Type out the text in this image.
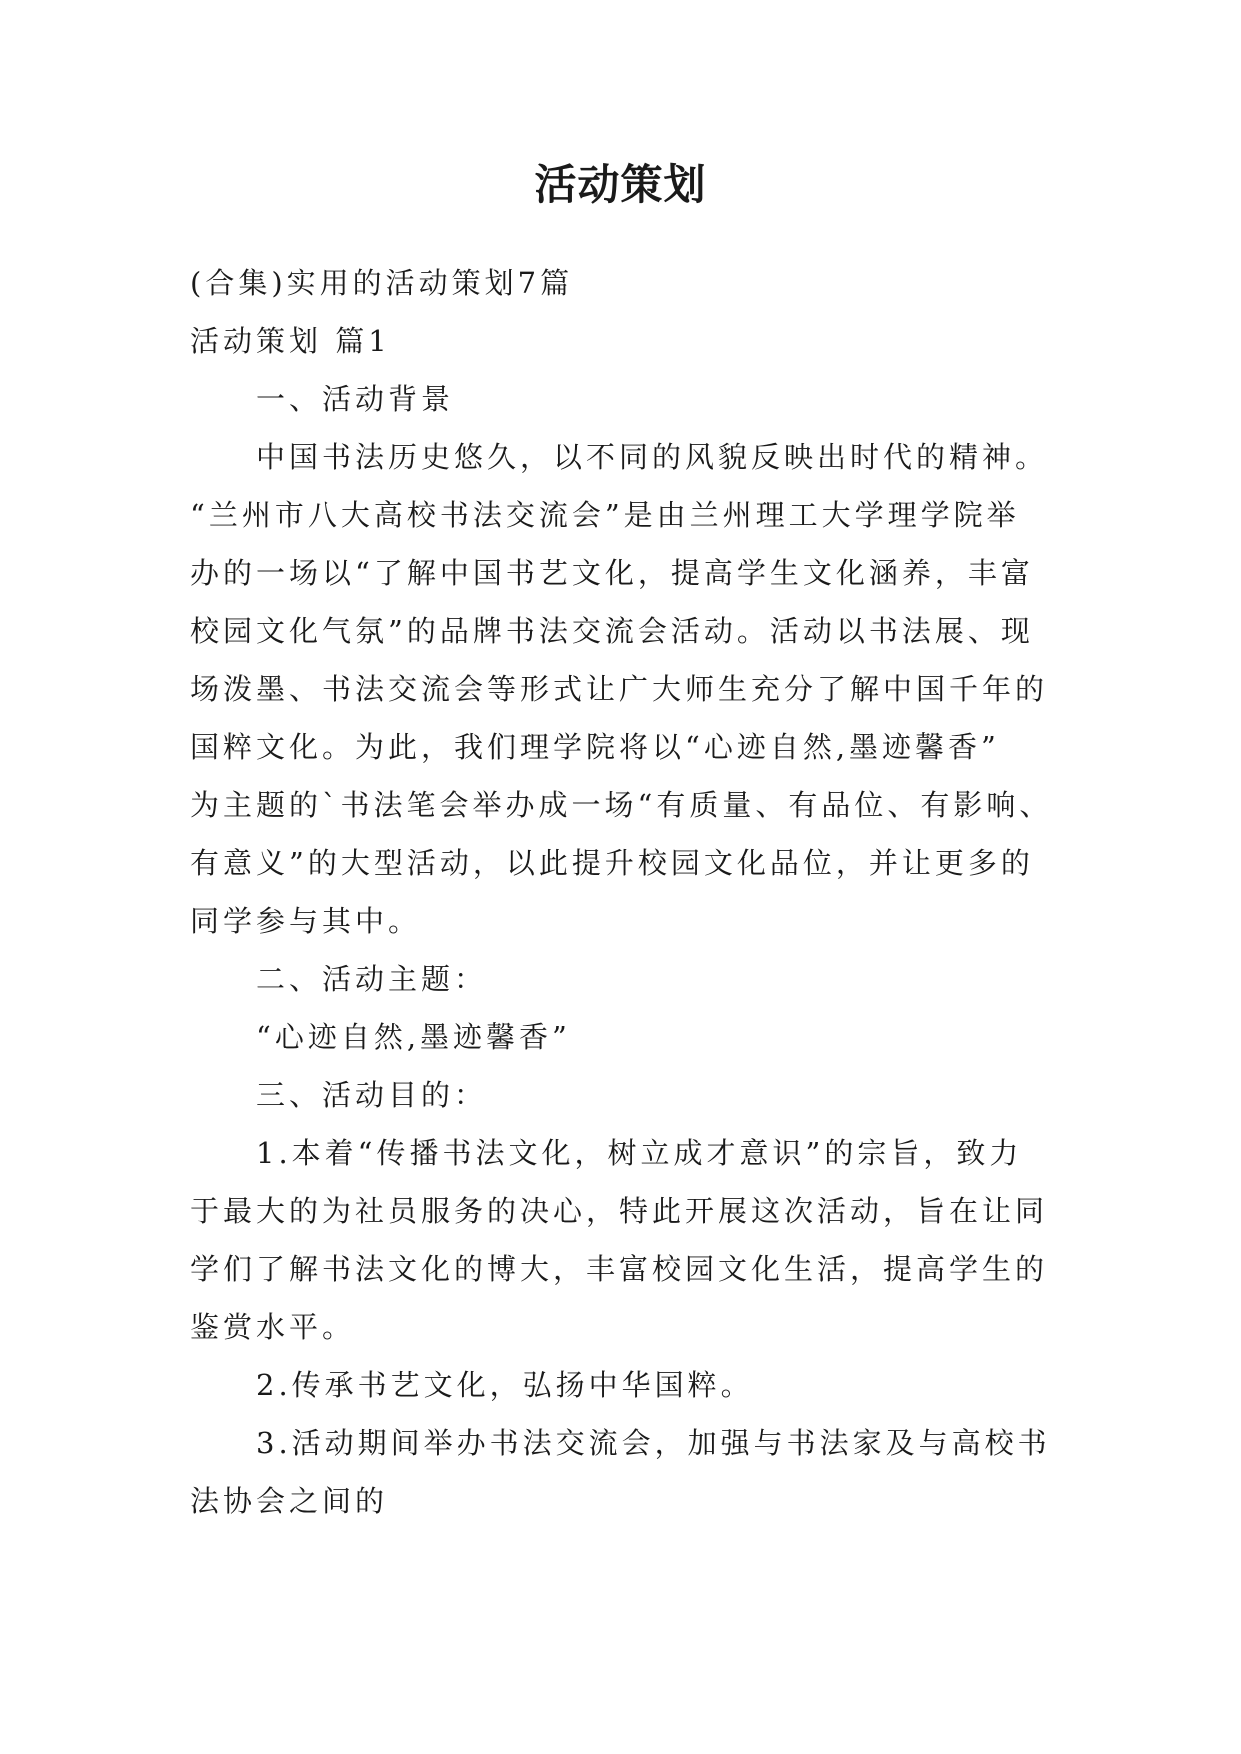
活动策划
(合集)实用的活动策划7篇
活动策划 篇1
一、活动背景
中国书法历史悠久，以不同的风貌反映出时代的精神。
“兰州市八大高校书法交流会”是由兰州理工大学理学院举
办的一场以“了解中国书艺文化，提高学生文化涵养，丰富
校园文化气氛”的品牌书法交流会活动。活动以书法展、现
场泼墨、书法交流会等形式让广大师生充分了解中国千年的
国粹文化。为此，我们理学院将以“心迹自然,墨迹馨香”
为主题的`书法笔会举办成一场“有质量、有品位、有影响、
有意义”的大型活动，以此提升校园文化品位，并让更多的
同学参与其中。
二、活动主题：
“心迹自然,墨迹馨香”
三、活动目的：
1.本着“传播书法文化，树立成才意识”的宗旨，致力
于最大的为社员服务的决心，特此开展这次活动，旨在让同
学们了解书法文化的博大，丰富校园文化生活，提高学生的
鉴赏水平。
2.传承书艺文化，弘扬中华国粹。
3.活动期间举办书法交流会，加强与书法家及与高校书
法协会之间的
